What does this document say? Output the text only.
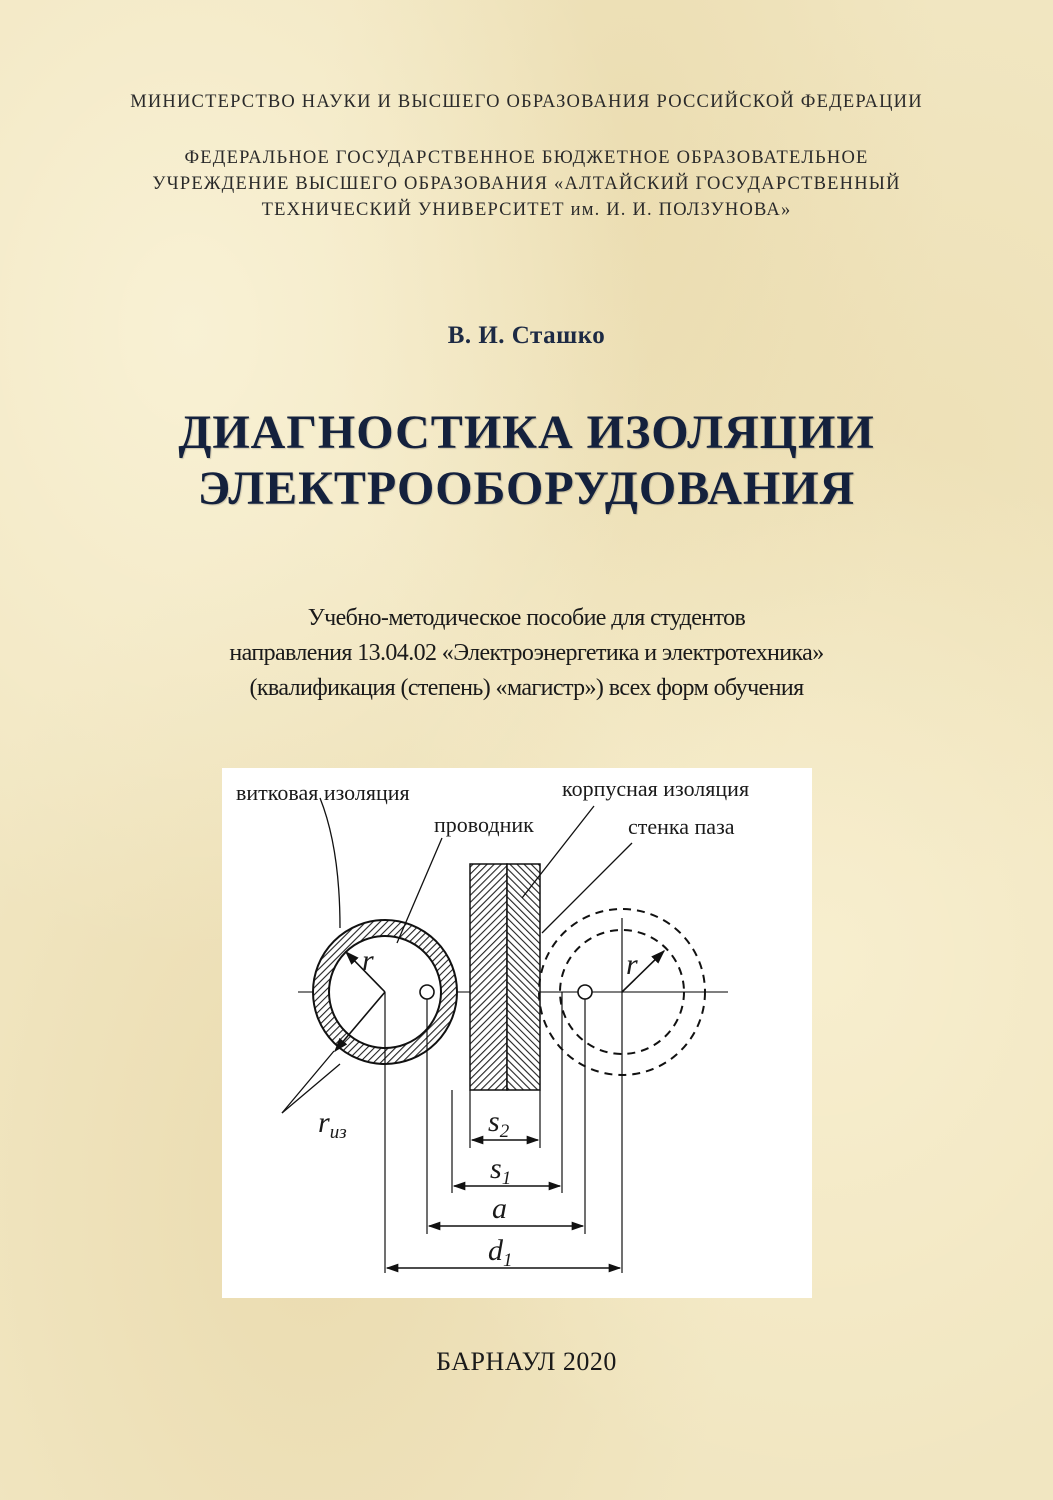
МИНИСТЕРСТВО НАУКИ И ВЫСШЕГО ОБРАЗОВАНИЯ РОССИЙСКОЙ ФЕДЕРАЦИИ

ФЕДЕРАЛЬНОЕ ГОСУДАРСТВЕННОЕ БЮДЖЕТНОЕ ОБРАЗОВАТЕЛЬНОЕ
УЧРЕЖДЕНИЕ ВЫСШЕГО ОБРАЗОВАНИЯ «АЛТАЙСКИЙ ГОСУДАРСТВЕННЫЙ
ТЕХНИЧЕСКИЙ УНИВЕРСИТЕТ им. И. И. ПОЛЗУНОВА»

В. И. Сташко

ДИАГНОСТИКА ИЗОЛЯЦИИ
ЭЛЕКТРООБОРУДОВАНИЯ

Учебно-методическое пособие для студентов
направления 13.04.02 «Электроэнергетика и электротехника»
(квалификация (степень) «магистр») всех форм обучения

витковая изоляция
проводник
корпусная изоляция
стенка паза
r	r
$r_{из}$	$s_2$
$s_1$
a
$d_1$

БАРНАУЛ 2020
